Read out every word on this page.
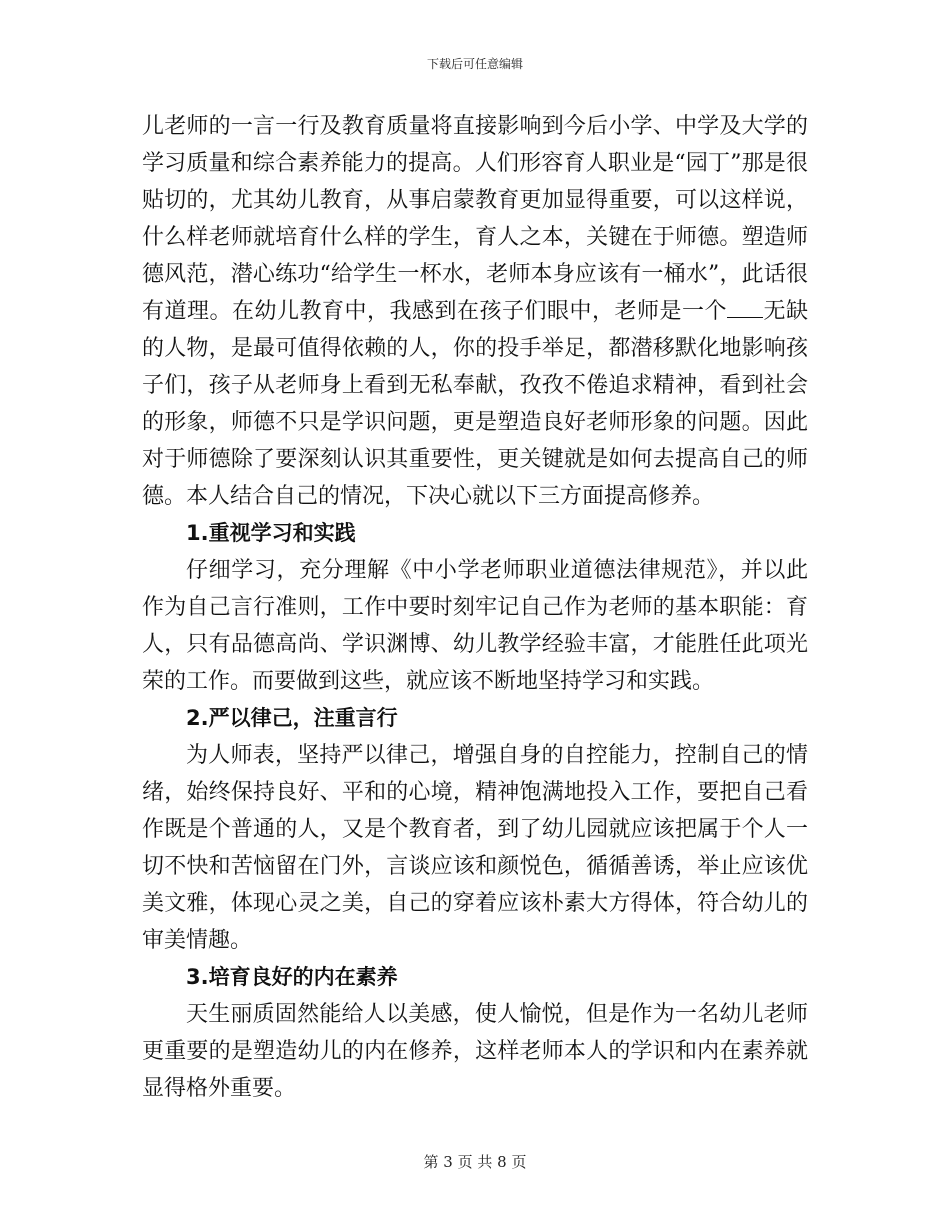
下载后可任意编辑

儿老师的一言一行及教育质量将直接影响到今后小学、中学及大学的学习质量和综合素养能力的提高。人们形容育人职业是“园丁”那是很贴切的，尤其幼儿教育，从事启蒙教育更加显得重要，可以这样说，什么样老师就培育什么样的学生，育人之本，关键在于师德。塑造师德风范，潜心练功“给学生一杯水，老师本身应该有一桶水”，此话很有道理。在幼儿教育中，我感到在孩子们眼中，老师是一个 无缺的人物，是最可值得依赖的人，你的投手举足，都潜移默化地影响孩子们，孩子从老师身上看到无私奉献，孜孜不倦追求精神，看到社会的形象，师德不只是学识问题，更是塑造良好老师形象的问题。因此对于师德除了要深刻认识其重要性，更关键就是如何去提高自己的师德。本人结合自己的情况，下决心就以下三方面提高修养。

1.重视学习和实践

仔细学习，充分理解《中小学老师职业道德法律规范》，并以此作为自己言行准则，工作中要时刻牢记自己作为老师的基本职能：育人，只有品德高尚、学识渊博、幼儿教学经验丰富，才能胜任此项光荣的工作。而要做到这些，就应该不断地坚持学习和实践。

2.严以律己，注重言行

为人师表，坚持严以律己，增强自身的自控能力，控制自己的情绪，始终保持良好、平和的心境，精神饱满地投入工作，要把自己看作既是个普通的人，又是个教育者，到了幼儿园就应该把属于个人一切不快和苦恼留在门外，言谈应该和颜悦色，循循善诱，举止应该优美文雅，体现心灵之美，自己的穿着应该朴素大方得体，符合幼儿的审美情趣。

3.培育良好的内在素养

天生丽质固然能给人以美感，使人愉悦，但是作为一名幼儿老师更重要的是塑造幼儿的内在修养，这样老师本人的学识和内在素养就显得格外重要。

第 3 页 共 8 页
